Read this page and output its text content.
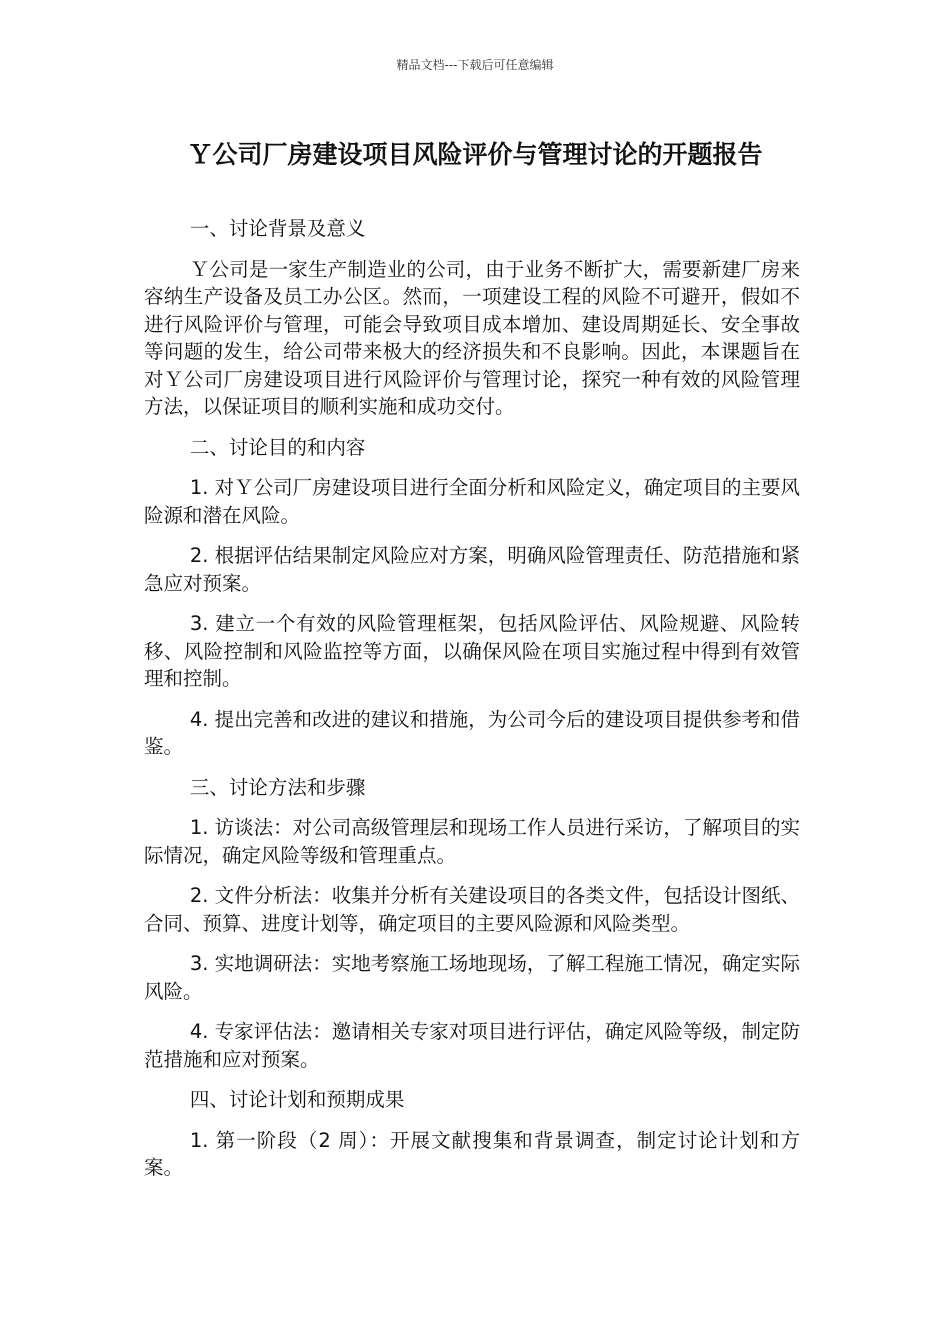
精品文档---下载后可任意编辑
Ｙ公司厂房建设项目风险评价与管理讨论的开题报告
一、讨论背景及意义

Ｙ公司是一家生产制造业的公司，由于业务不断扩大，需要新建厂房来容纳生产设备及员工办公区。然而，一项建设工程的风险不可避开，假如不进行风险评价与管理，可能会导致项目成本增加、建设周期延长、安全事故等问题的发生，给公司带来极大的经济损失和不良影响。因此，本课题旨在对Ｙ公司厂房建设项目进行风险评价与管理讨论，探究一种有效的风险管理方法，以保证项目的顺利实施和成功交付。

二、讨论目的和内容

1. 对Ｙ公司厂房建设项目进行全面分析和风险定义，确定项目的主要风险源和潜在风险。

2. 根据评估结果制定风险应对方案，明确风险管理责任、防范措施和紧急应对预案。

3. 建立一个有效的风险管理框架，包括风险评估、风险规避、风险转移、风险控制和风险监控等方面，以确保风险在项目实施过程中得到有效管理和控制。

4. 提出完善和改进的建议和措施，为公司今后的建设项目提供参考和借鉴。

三、讨论方法和步骤

1. 访谈法：对公司高级管理层和现场工作人员进行采访，了解项目的实际情况，确定风险等级和管理重点。

2. 文件分析法：收集并分析有关建设项目的各类文件，包括设计图纸、合同、预算、进度计划等，确定项目的主要风险源和风险类型。

3. 实地调研法：实地考察施工场地现场，了解工程施工情况，确定实际风险。

4. 专家评估法：邀请相关专家对项目进行评估，确定风险等级，制定防范措施和应对预案。

四、讨论计划和预期成果

1. 第一阶段（2 周）：开展文献搜集和背景调查，制定讨论计划和方案。
